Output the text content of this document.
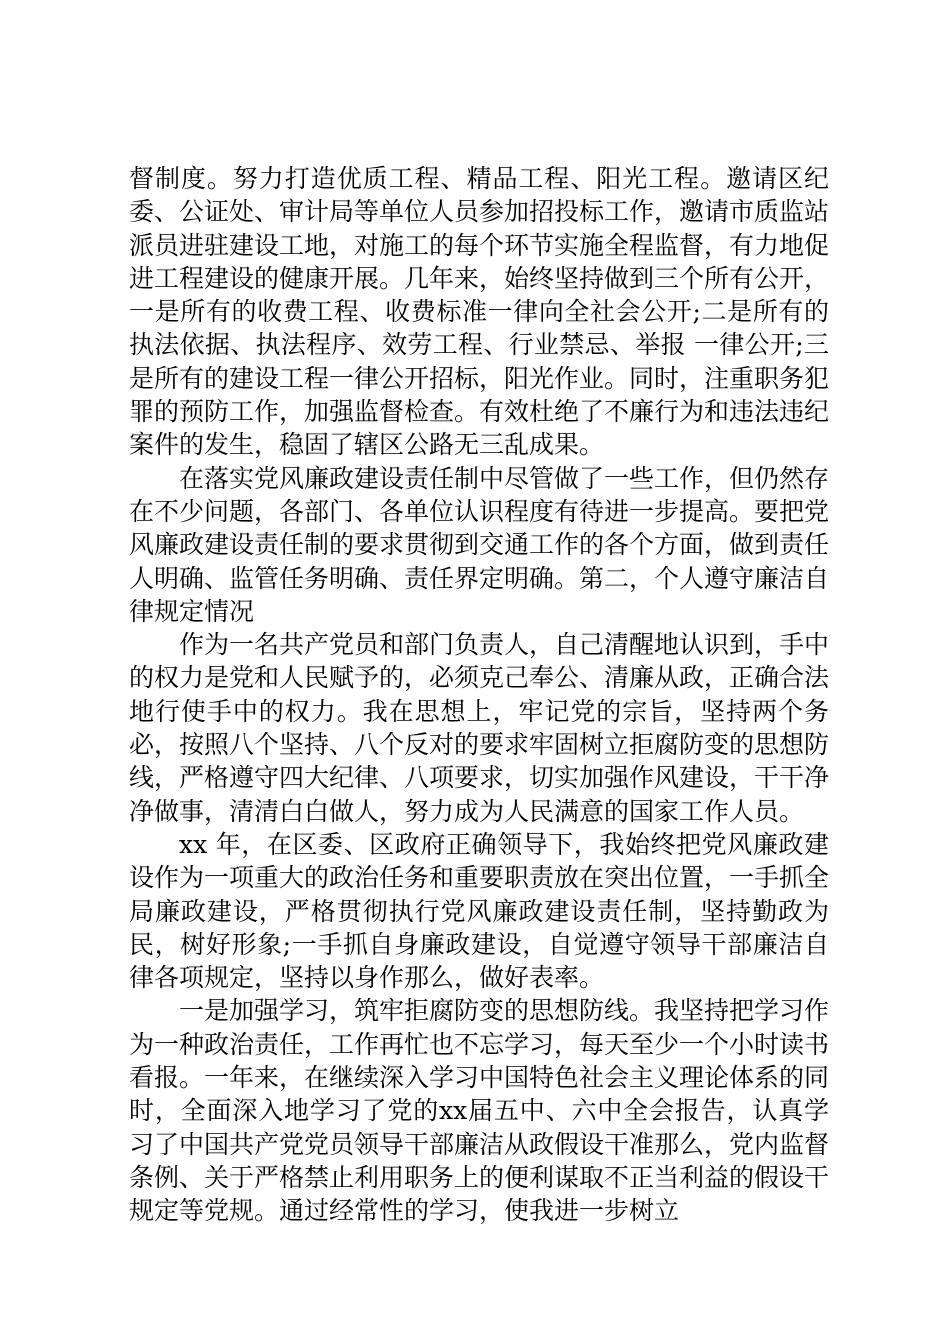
督制度。努力打造优质工程、精品工程、阳光工程。邀请区纪委、公证处、审计局等单位人员参加招投标工作，邀请市质监站派员进驻建设工地，对施工的每个环节实施全程监督，有力地促进工程建设的健康开展。几年来，始终坚持做到三个所有公开，一是所有的收费工程、收费标准一律向全社会公开;二是所有的执法依据、执法程序、效劳工程、行业禁忌、举报 一律公开;三是所有的建设工程一律公开招标，阳光作业。同时，注重职务犯罪的预防工作，加强监督检查。有效杜绝了不廉行为和违法违纪案件的发生，稳固了辖区公路无三乱成果。

在落实党风廉政建设责任制中尽管做了一些工作，但仍然存在不少问题，各部门、各单位认识程度有待进一步提高。要把党风廉政建设责任制的要求贯彻到交通工作的各个方面，做到责任人明确、监管任务明确、责任界定明确。第二，个人遵守廉洁自律规定情况

作为一名共产党员和部门负责人，自己清醒地认识到，手中的权力是党和人民赋予的，必须克己奉公、清廉从政，正确合法地行使手中的权力。我在思想上，牢记党的宗旨，坚持两个务必，按照八个坚持、八个反对的要求牢固树立拒腐防变的思想防线，严格遵守四大纪律、八项要求，切实加强作风建设，干干净净做事，清清白白做人，努力成为人民满意的国家工作人员。

xx 年，在区委、区政府正确领导下，我始终把党风廉政建设作为一项重大的政治任务和重要职责放在突出位置，一手抓全局廉政建设，严格贯彻执行党风廉政建设责任制，坚持勤政为民，树好形象;一手抓自身廉政建设，自觉遵守领导干部廉洁自律各项规定，坚持以身作那么，做好表率。

一是加强学习，筑牢拒腐防变的思想防线。我坚持把学习作为一种政治责任，工作再忙也不忘学习，每天至少一个小时读书看报。一年来，在继续深入学习中国特色社会主义理论体系的同时，全面深入地学习了党的xx届五中、六中全会报告，认真学习了中国共产党党员领导干部廉洁从政假设干准那么，党内监督条例、关于严格禁止利用职务上的便利谋取不正当利益的假设干规定等党规。通过经常性的学习，使我进一步树立
